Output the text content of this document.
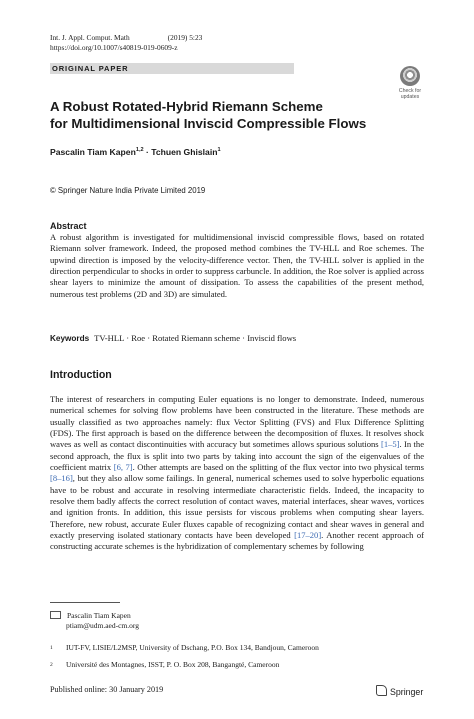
Int. J. Appl. Comput. Math	(2019) 5:23
https://doi.org/10.1007/s40819-019-0609-z
ORIGINAL PAPER
Check for updates
A Robust Rotated-Hybrid Riemann Scheme
for Multidimensional Inviscid Compressible Flows
Pascalin Tiam Kapen$^{1,2}$ · Tchuen Ghislain$^1$
© Springer Nature India Private Limited 2019
Abstract
A robust algorithm is investigated for multidimensional inviscid compressible flows, based on rotated Riemann solver framework. Indeed, the proposed method combines the TV-HLL and Roe schemes. The upwind direction is imposed by the velocity-difference vector. Then, the TV-HLL solver is applied in the direction perpendicular to shocks in order to suppress carbuncle. In addition, the Roe solver is applied across shear layers to minimize the amount of dissipation. To assess the capabilities of the present method, numerous test problems (2D and 3D) are simulated.
Keywords TV-HLL · Roe · Rotated Riemann scheme · Inviscid flows
Introduction
The interest of researchers in computing Euler equations is no longer to demonstrate. Indeed, numerous numerical schemes for solving flow problems have been constructed in the literature. These methods are usually classified as two approaches namely: flux Vector Splitting (FVS) and Flux Difference Splitting (FDS). The first approach is based on the difference between the decomposition of fluxes. It resolves shock waves as well as contact discontinuities with accuracy but sometimes allows spurious solutions [1–5]. In the second approach, the flux is split into two parts by taking into account the sign of the eigenvalues of the coefficient matrix [6, 7]. Other attempts are based on the splitting of the flux vector into two physical terms [8–16], but they also allow some failings. In general, numerical schemes used to solve hyperbolic equations have to be robust and accurate in resolving intermediate characteristic fields. Indeed, the incapacity to resolve them badly affects the correct resolution of contact waves, material interfaces, shear waves, vortices and ignition fronts. In addition, this issue persists for viscous problems when computing shear layers. Therefore, new robust, accurate Euler fluxes capable of recognizing contact and shear waves in general and exactly preserving isolated stationary contacts have been developed [17–20]. Another recent approach of constructing accurate schemes is the hybridization of complementary schemes by following
Pascalin Tiam Kapen
ptiam@udm.aed-cm.org
1 IUT-FV, LISIE/L2MSP, University of Dschang, P.O. Box 134, Bandjoun, Cameroon
2 Université des Montagnes, ISST, P. O. Box 208, Bangangté, Cameroon
Published online: 30 January 2019	Springer
